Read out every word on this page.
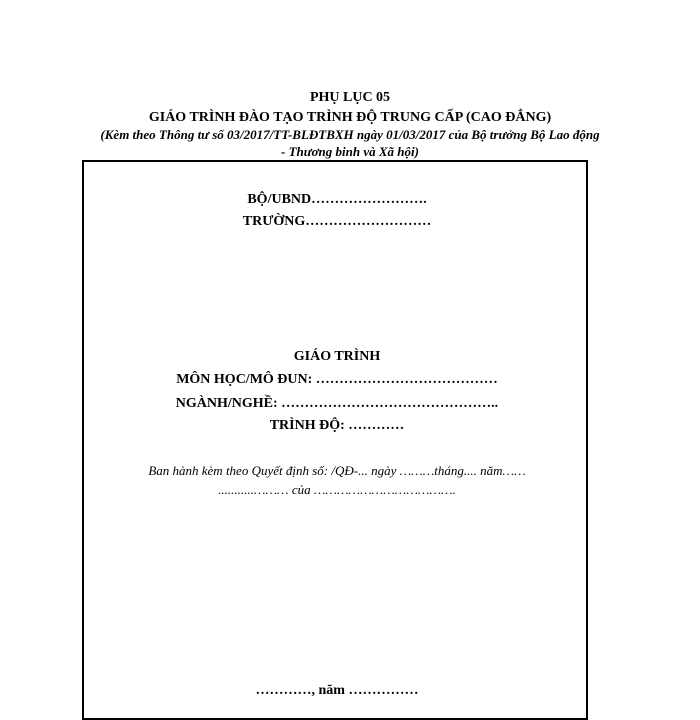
PHỤ LỤC 05
GIÁO TRÌNH ĐÀO TẠO TRÌNH ĐỘ TRUNG CẤP (CAO ĐẲNG)
(Kèm theo Thông tư số 03/2017/TT-BLĐTBXH ngày 01/03/2017 của Bộ trưởng Bộ Lao động
- Thương binh và Xã hội)
BỘ/UBND…………………….
TRƯỜNG………………………
GIÁO TRÌNH
MÔN HỌC/MÔ ĐUN: …………………………………
NGÀNH/NGHỀ: ………………………………………..
TRÌNH ĐỘ: …………
Ban hành kèm theo Quyết định số: /QĐ-... ngày ………tháng.... năm……
...........……… của ……………………………….
…………, năm ……………
